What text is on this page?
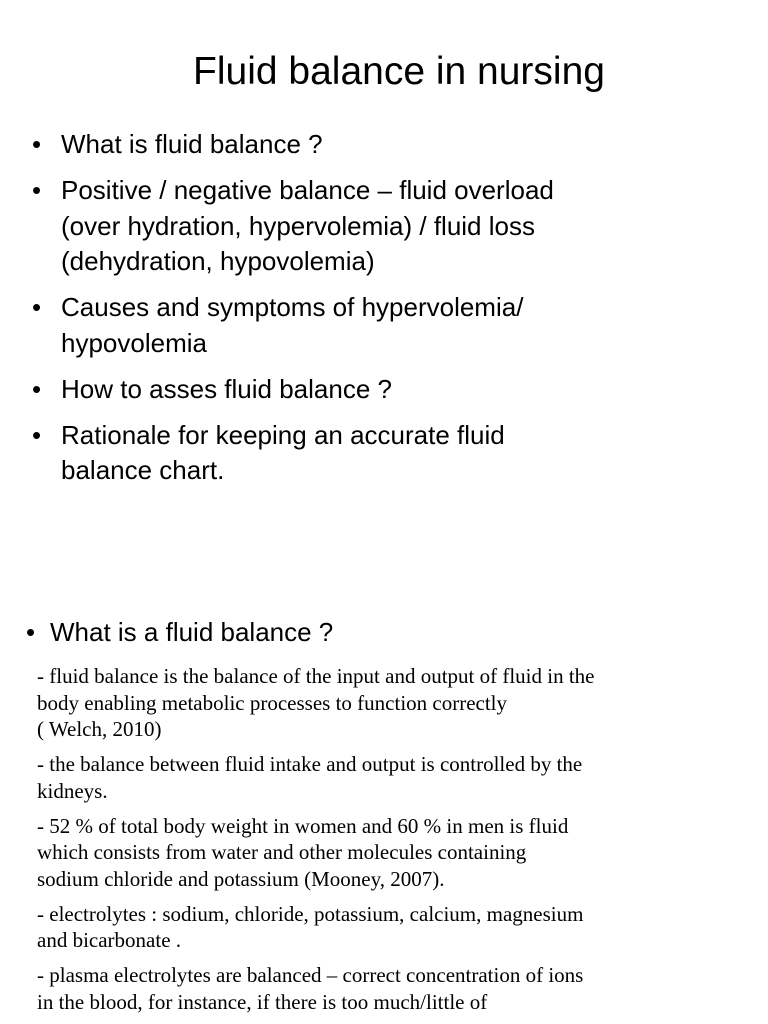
Fluid balance in nursing
• What is fluid balance ?
• Positive / negative balance – fluid overload
(over hydration, hypervolemia) / fluid loss
(dehydration, hypovolemia)
• Causes and symptoms of hypervolemia/
hypovolemia
• How to asses fluid balance ?
• Rationale for keeping an accurate fluid
balance chart.
• What is a fluid balance ?
- fluid balance is the balance of the input and output of fluid in the
body enabling metabolic processes to function correctly
( Welch, 2010)
- the balance between fluid intake and output is controlled by the
kidneys.
- 52 % of total body weight in women and 60 % in men is fluid
which consists from water and other molecules containing
sodium chloride and potassium (Mooney, 2007).
- electrolytes : sodium, chloride, potassium, calcium, magnesium
and bicarbonate .
- plasma electrolytes are balanced – correct concentration of ions
in the blood, for instance, if there is too much/little of
